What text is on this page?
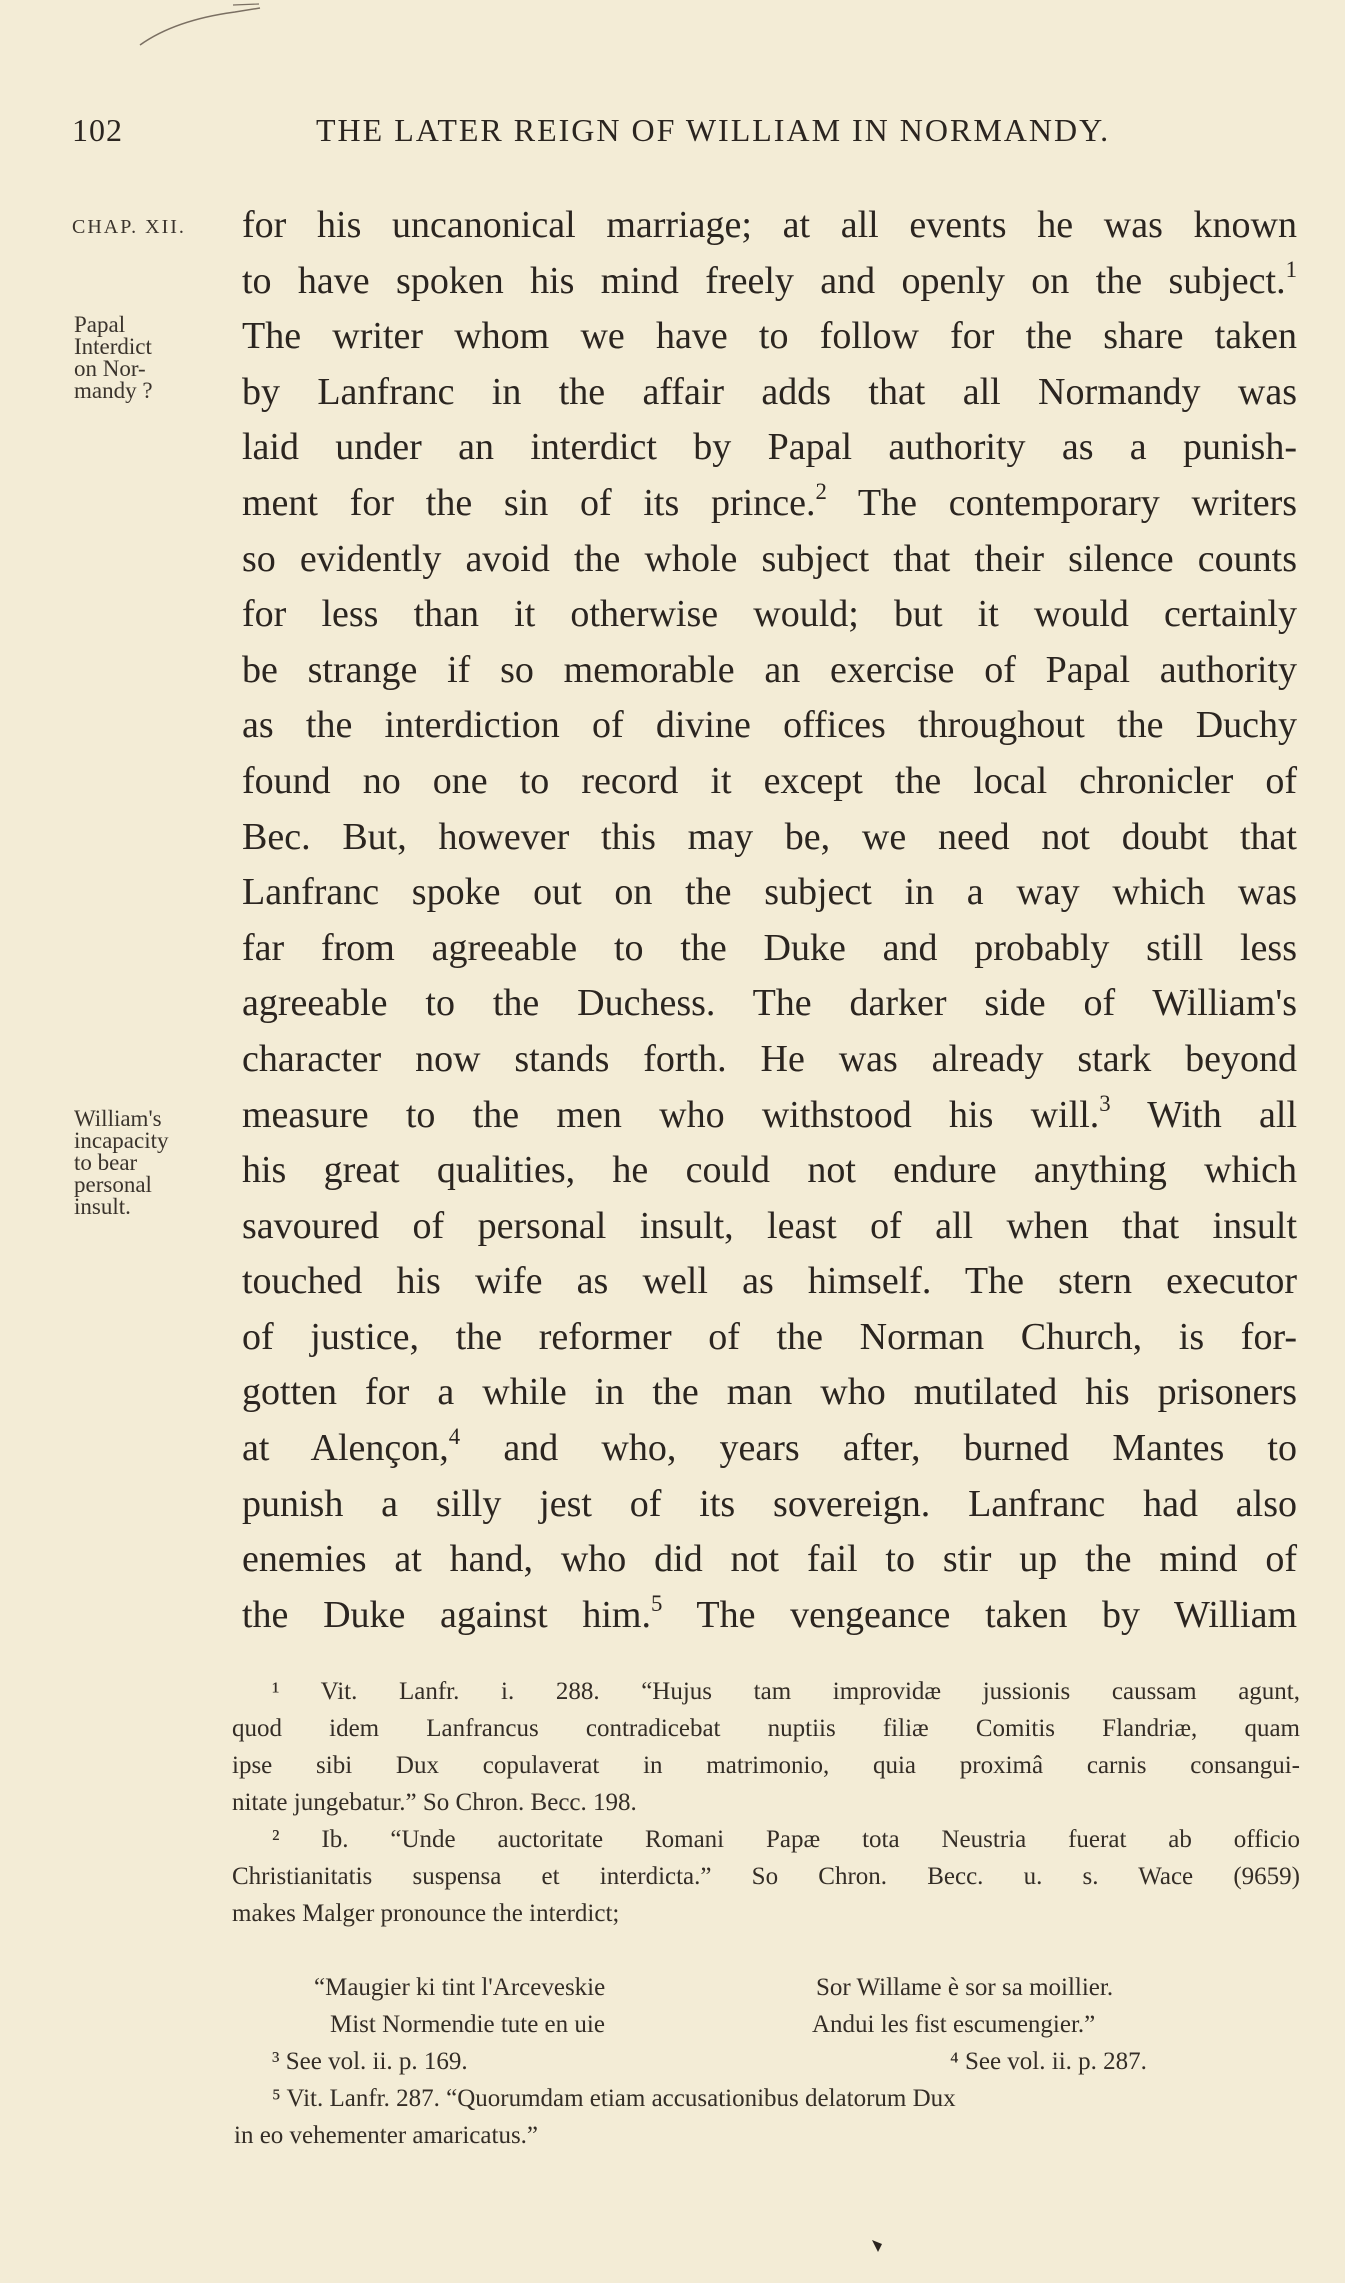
102	THE LATER REIGN OF WILLIAM IN NORMANDY.
CHAP. XII.
Papal
Interdict
on Nor-
mandy ?
William's
incapacity
to bear
personal
insult.
for his uncanonical marriage; at all events he was known
to have spoken his mind freely and openly on the subject.$^1$
The writer whom we have to follow for the share taken
by Lanfranc in the affair adds that all Normandy was
laid under an interdict by Papal authority as a punish-
ment for the sin of its prince.$^2$ The contemporary writers
so evidently avoid the whole subject that their silence counts
for less than it otherwise would; but it would certainly
be strange if so memorable an exercise of Papal authority
as the interdiction of divine offices throughout the Duchy
found no one to record it except the local chronicler of
Bec. But, however this may be, we need not doubt that
Lanfranc spoke out on the subject in a way which was
far from agreeable to the Duke and probably still less
agreeable to the Duchess. The darker side of William's
character now stands forth. He was already stark beyond
measure to the men who withstood his will.$^3$ With all
his great qualities, he could not endure anything which
savoured of personal insult, least of all when that insult
touched his wife as well as himself. The stern executor
of justice, the reformer of the Norman Church, is for-
gotten for a while in the man who mutilated his prisoners
at Alençon,$^4$ and who, years after, burned Mantes to
punish a silly jest of its sovereign. Lanfranc had also
enemies at hand, who did not fail to stir up the mind of
the Duke against him.$^5$ The vengeance taken by William
¹ Vit. Lanfr. i. 288. “Hujus tam improvidæ jussionis caussam agunt,
quod idem Lanfrancus contradicebat nuptiis filiæ Comitis Flandriæ, quam
ipse sibi Dux copulaverat in matrimonio, quia proximâ carnis consangui-
nitate jungebatur.” So Chron. Becc. 198.
² Ib. “Unde auctoritate Romani Papæ tota Neustria fuerat ab officio
Christianitatis suspensa et interdicta.” So Chron. Becc. u. s. Wace (9659)
makes Malger pronounce the interdict;
“Maugier ki tint l'Arceveskie	Sor Willame è sor sa moillier.
Mist Normendie tute en uie	Andui les fist escumengier.”
³ See vol. ii. p. 169.	⁴ See vol. ii. p. 287.
⁵ Vit. Lanfr. 287. “Quorumdam etiam accusationibus delatorum Dux
in eo vehementer amaricatus.”
